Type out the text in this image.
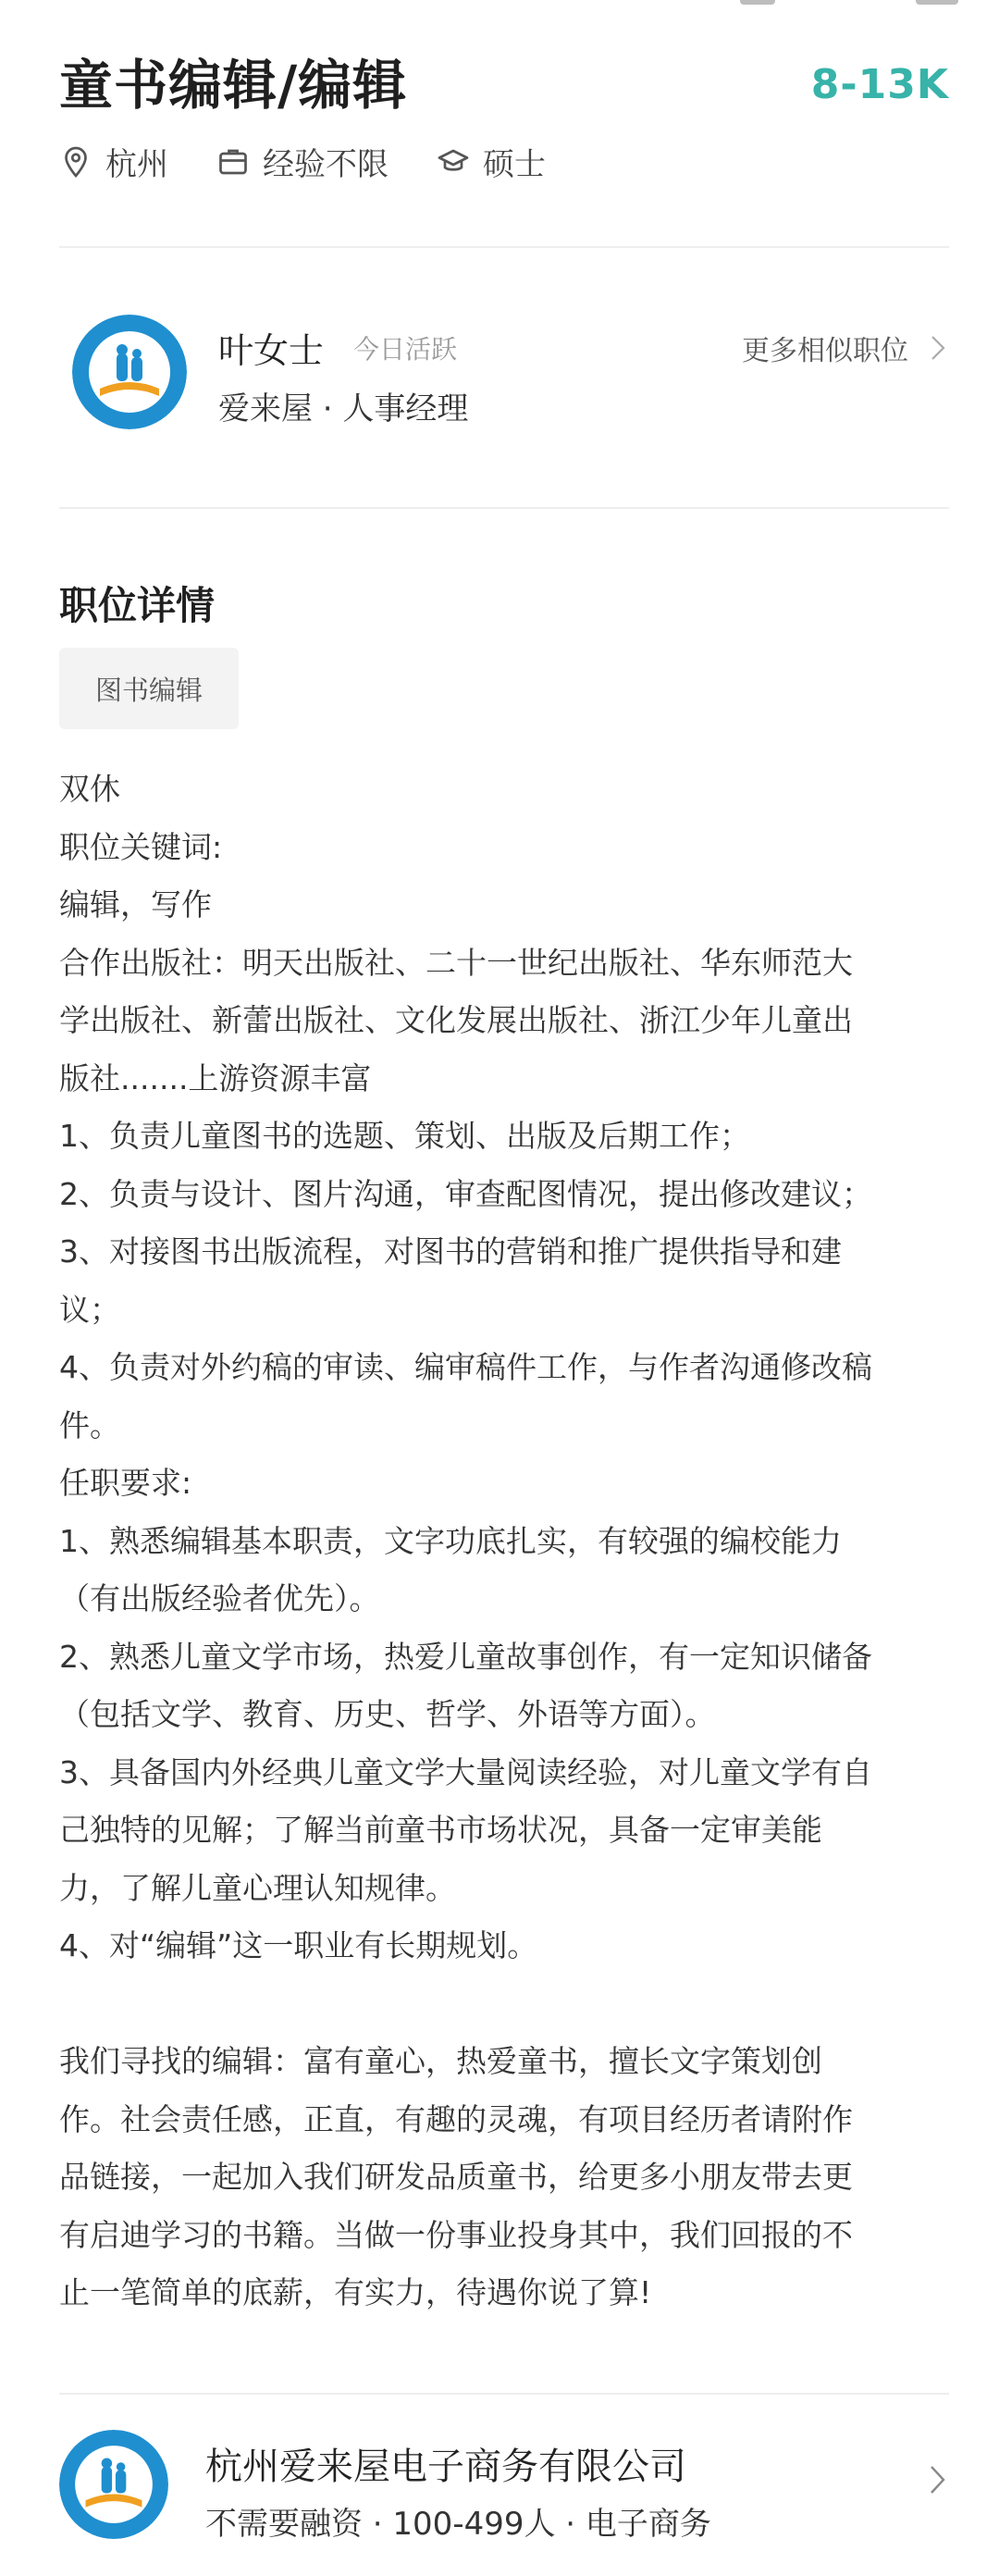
童书编辑/编辑	8-13K
杭州	经验不限	硕士
叶女士 今日活跃
爱来屋 · 人事经理
更多相似职位
职位详情
图书编辑

双休

职位关键词:

编辑，写作

合作出版社：明天出版社、二十一世纪出版社、华东师范大

学出版社、新蕾出版社、文化发展出版社、浙江少年儿童出

版社.......上游资源丰富

1、负责儿童图书的选题、策划、出版及后期工作；

2、负责与设计、图片沟通，审查配图情况，提出修改建议；

3、对接图书出版流程，对图书的营销和推广提供指导和建

议；

4、负责对外约稿的审读、编审稿件工作，与作者沟通修改稿

件。

任职要求:

1、熟悉编辑基本职责，文字功底扎实，有较强的编校能力

（有出版经验者优先）。

2、熟悉儿童文学市场，热爱儿童故事创作，有一定知识储备

（包括文学、教育、历史、哲学、外语等方面）。

3、具备国内外经典儿童文学大量阅读经验，对儿童文学有自

己独特的见解；了解当前童书市场状况，具备一定审美能

力，了解儿童心理认知规律。

4、对“编辑”这一职业有长期规划。

我们寻找的编辑：富有童心，热爱童书，擅长文字策划创

作。社会责任感，正直，有趣的灵魂，有项目经历者请附作

品链接，一起加入我们研发品质童书，给更多小朋友带去更

有启迪学习的书籍。当做一份事业投身其中，我们回报的不

止一笔简单的底薪，有实力，待遇你说了算!

杭州爱来屋电子商务有限公司
不需要融资 · 100-499人 · 电子商务
